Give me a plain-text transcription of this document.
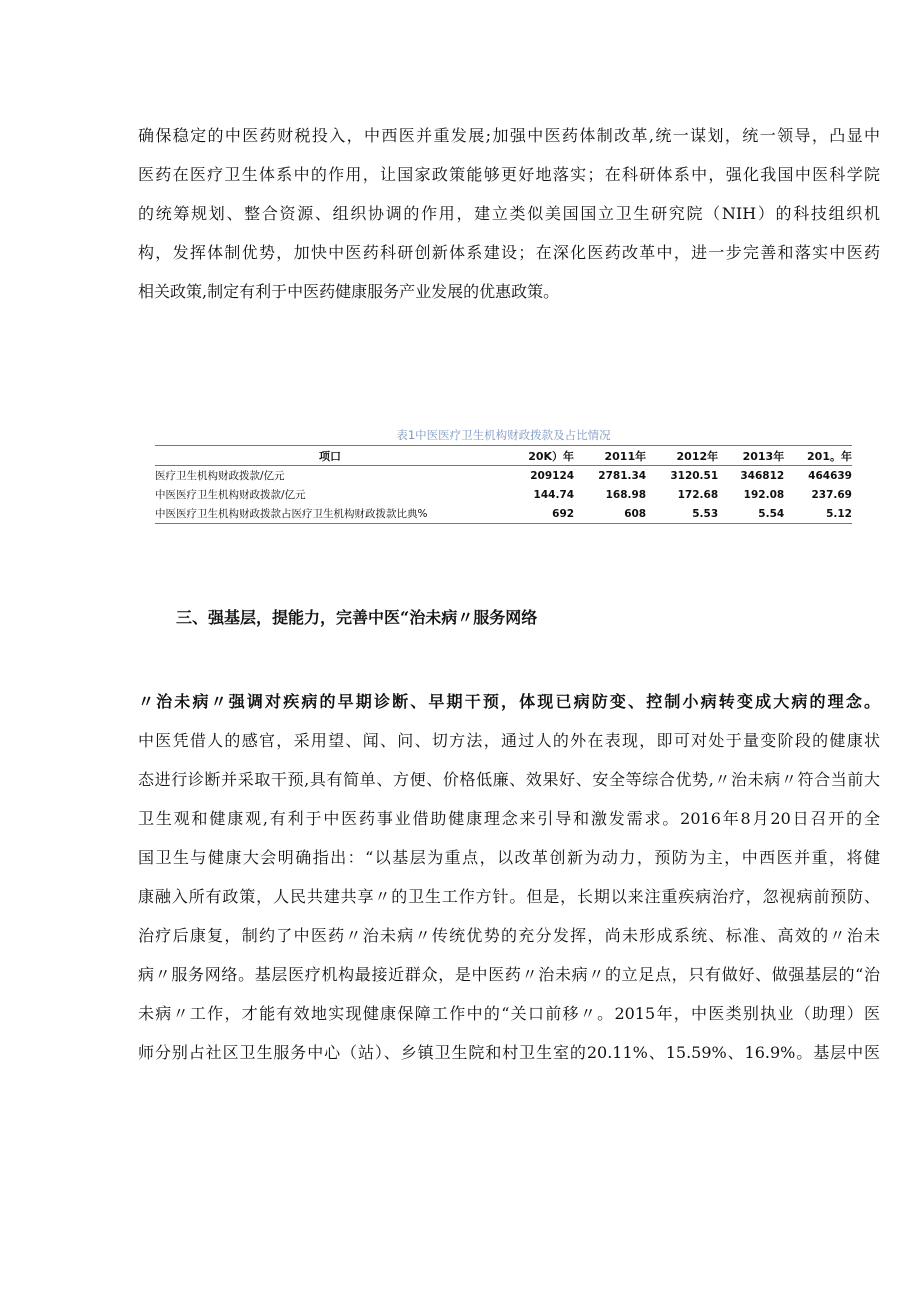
确保稳定的中医药财税投入，中西医并重发展;加强中医药体制改革,统一谋划，统一领导，凸显中
医药在医疗卫生体系中的作用，让国家政策能够更好地落实；在科研体系中，强化我国中医科学院
的统筹规划、整合资源、组织协调的作用，建立类似美国国立卫生研究院（NIH）的科技组织机
构，发挥体制优势，加快中医药科研创新体系建设；在深化医药改革中，进一步完善和落实中医药
相关政策,制定有利于中医药健康服务产业发展的优惠政策。
表1中医医疗卫生机构财政拨款及占比情况
项口	20K）年	2011年	2012年	2013年	201。年
医疗卫生机构财政拨款/亿元	209124	2781.34	3120.51	346812	464639
中医医疗卫生机构财政拨款/亿元	144.74	168.98	172.68	192.08	237.69
中医医疗卫生机构财政拨款占医疗卫生机构财政拨款比典%	692	608	5.53	5.54	5.12
三、强基层，提能力，完善中医“治未病〃服务网络
〃治未病〃强调对疾病的早期诊断、早期干预，体现已病防变、控制小病转变成大病的理念。
中医凭借人的感官，采用望、闻、问、切方法，通过人的外在表现，即可对处于量变阶段的健康状
态进行诊断并采取干预,具有简单、方便、价格低廉、效果好、安全等综合优势,〃治未病〃符合当前大
卫生观和健康观,有利于中医药事业借助健康理念来引导和激发需求。2016年8月20日召开的全
国卫生与健康大会明确指出：“以基层为重点，以改革创新为动力，预防为主，中西医并重，将健
康融入所有政策，人民共建共享〃的卫生工作方针。但是，长期以来注重疾病治疗，忽视病前预防、
治疗后康复，制约了中医药〃治未病〃传统优势的充分发挥，尚未形成系统、标准、高效的〃治未
病〃服务网络。基层医疗机构最接近群众，是中医药〃治未病〃的立足点，只有做好、做强基层的“治
未病〃工作，才能有效地实现健康保障工作中的“关口前移〃。2015年，中医类别执业（助理）医
师分别占社区卫生服务中心（站）、乡镇卫生院和村卫生室的20.11%、15.59%、16.9%。基层中医
